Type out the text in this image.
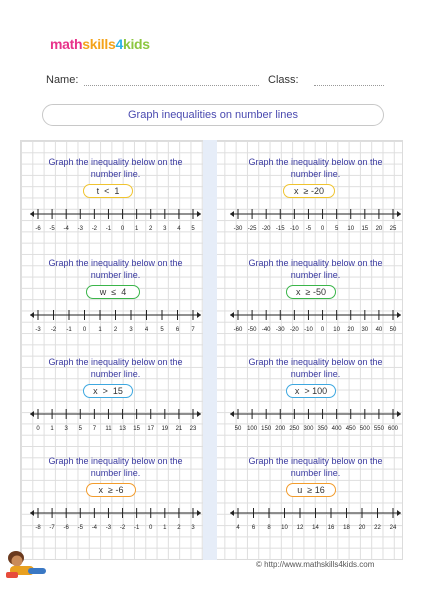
mathskills4kids
Name:	Class:
Graph inequalities on number lines
Graph the inequality below on the
number line.
t < 1
-6 -5 -4 -3 -2 -1 0 1 2 3 4 5
Graph the inequality below on the
number line.
x ≥ -20
-30 -25 -20 -15 -10 -5 0 5 10 15 20 25
Graph the inequality below on the
number line.
w ≤ 4
-3 -2 -1 0 1 2 3 4 5 6 7
Graph the inequality below on the
number line.
x ≥ -50
-60 -50 -40 -30 -20 -10 0 10 20 30 40 50
Graph the inequality below on the
number line.
x > 15
0 1 3 5 7 11 13 15 17 19 21 23
Graph the inequality below on the
number line.
x > 100
50 100 150 200 250 300 350 400 450 500 550 600
Graph the inequality below on the
number line.
x ≥ -6
-8 -7 -6 -5 -4 -3 -2 -1 0 1 2 3
Graph the inequality below on the
number line.
u ≥ 16
4 6 8 10 12 14 16 18 20 22 24
© http://www.mathskills4kids.com
